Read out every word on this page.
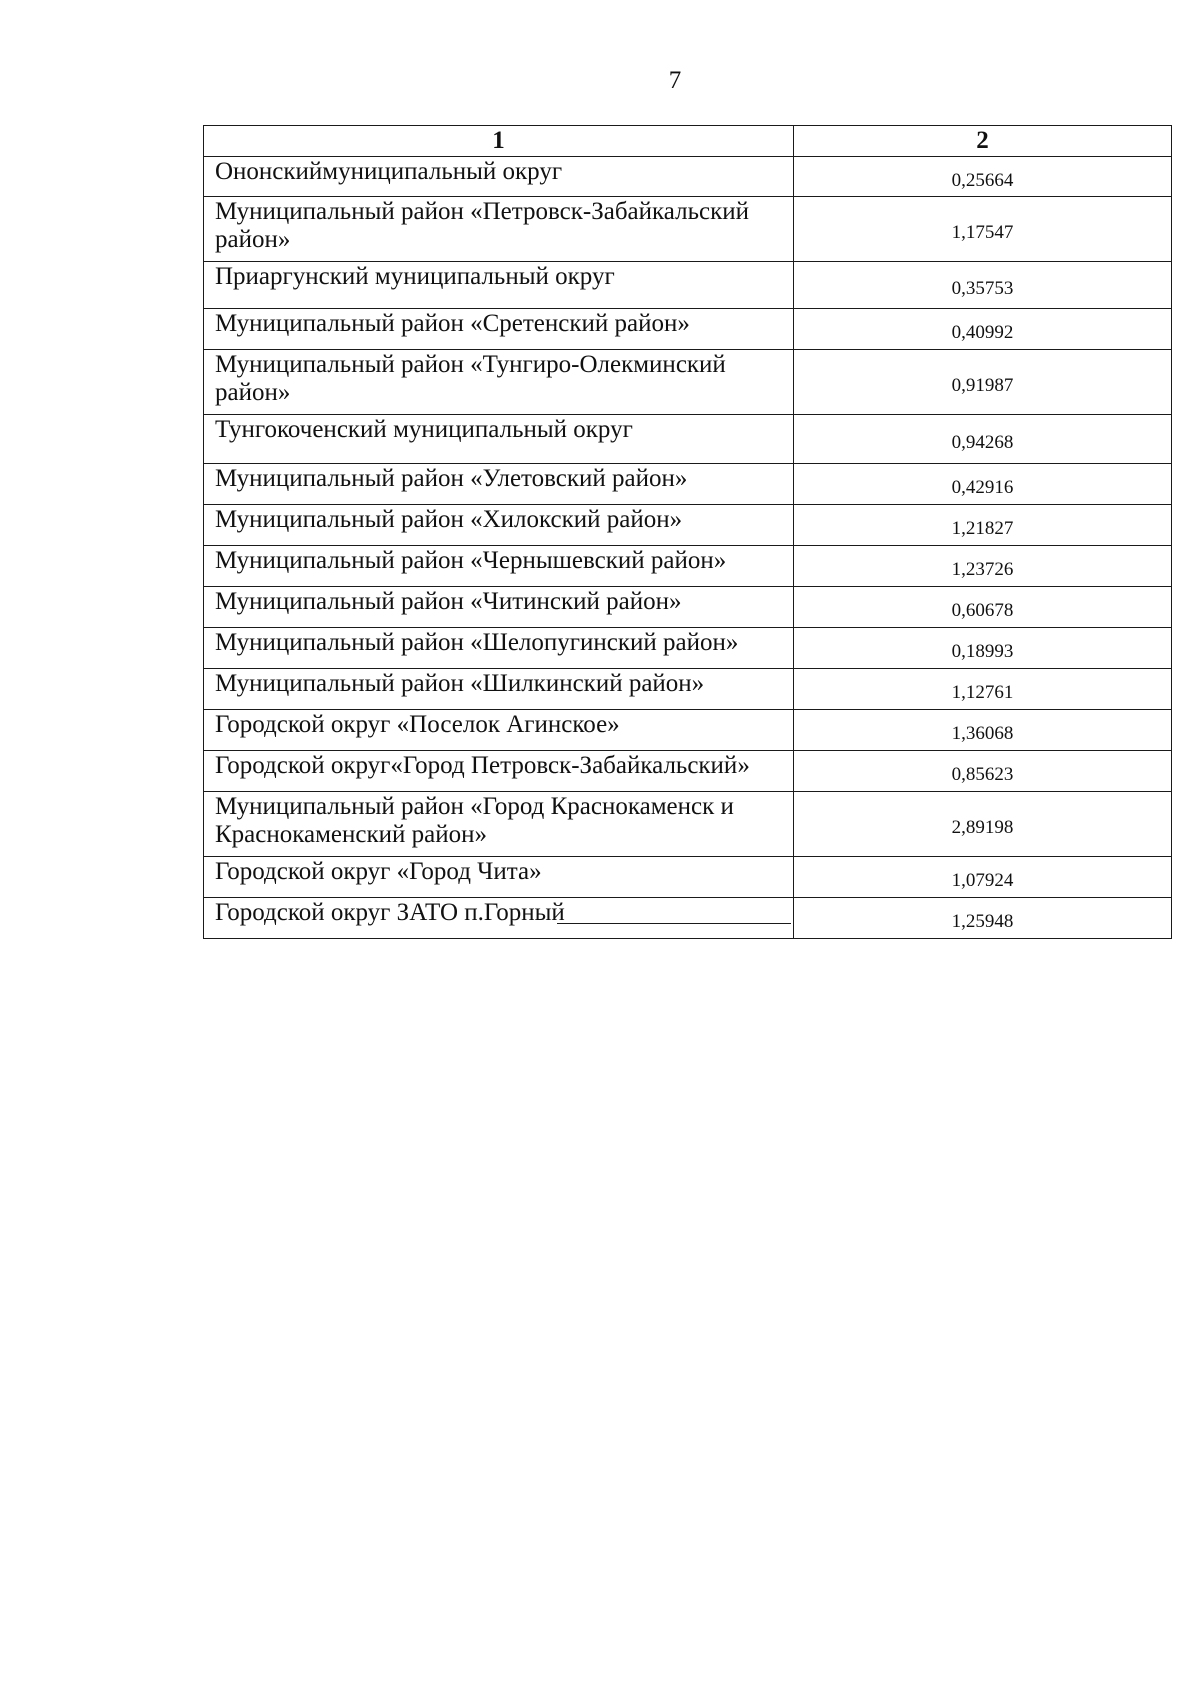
7
1	2
Ононскиймуниципальный округ	0,25664
Муниципальный район «Петровск-Забайкальский район»	1,17547
Приаргунский муниципальный округ	0,35753
Муниципальный район «Сретенский район»	0,40992
Муниципальный район «Тунгиро-Олекминский район»	0,91987
Тунгокоченский муниципальный округ	0,94268
Муниципальный район «Улетовский район»	0,42916
Муниципальный район «Хилокский район»	1,21827
Муниципальный район «Чернышевский район»	1,23726
Муниципальный район «Читинский район»	0,60678
Муниципальный район «Шелопугинский район»	0,18993
Муниципальный район «Шилкинский район»	1,12761
Городской округ «Поселок Агинское»	1,36068
Городской округ«Город Петровск-Забайкальский»	0,85623
Муниципальный район «Город Краснокаменск и Краснокаменский район»	2,89198
Городской округ «Город Чита»	1,07924
Городской округ ЗАТО п.Горный	1,25948
